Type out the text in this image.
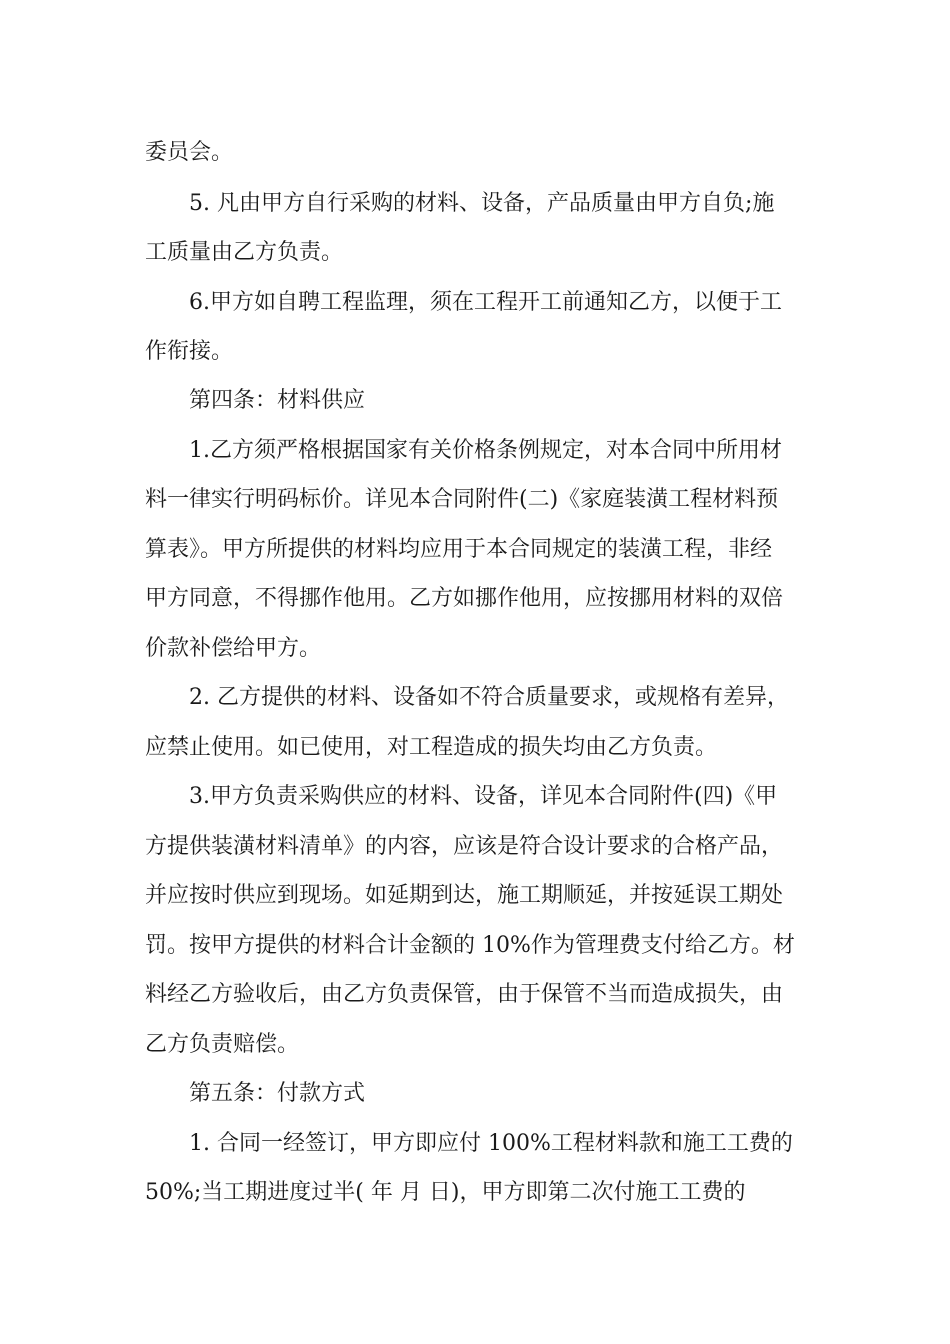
委员会。
5. 凡由甲方自行采购的材料、设备，产品质量由甲方自负;施
工质量由乙方负责。
6.甲方如自聘工程监理，须在工程开工前通知乙方，以便于工
作衔接。
第四条：材料供应
1.乙方须严格根据国家有关价格条例规定，对本合同中所用材
料一律实行明码标价。详见本合同附件(二)《家庭装潢工程材料预
算表》。甲方所提供的材料均应用于本合同规定的装潢工程，非经
甲方同意，不得挪作他用。乙方如挪作他用，应按挪用材料的双倍
价款补偿给甲方。
2. 乙方提供的材料、设备如不符合质量要求，或规格有差异，
应禁止使用。如已使用，对工程造成的损失均由乙方负责。
3.甲方负责采购供应的材料、设备，详见本合同附件(四)《甲
方提供装潢材料清单》的内容，应该是符合设计要求的合格产品，
并应按时供应到现场。如延期到达，施工期顺延，并按延误工期处
罚。按甲方提供的材料合计金额的 10%作为管理费支付给乙方。材
料经乙方验收后，由乙方负责保管，由于保管不当而造成损失，由
乙方负责赔偿。
第五条：付款方式
1. 合同一经签订，甲方即应付 100%工程材料款和施工工费的
50%;当工期进度过半( 年 月 日)，甲方即第二次付施工工费的
